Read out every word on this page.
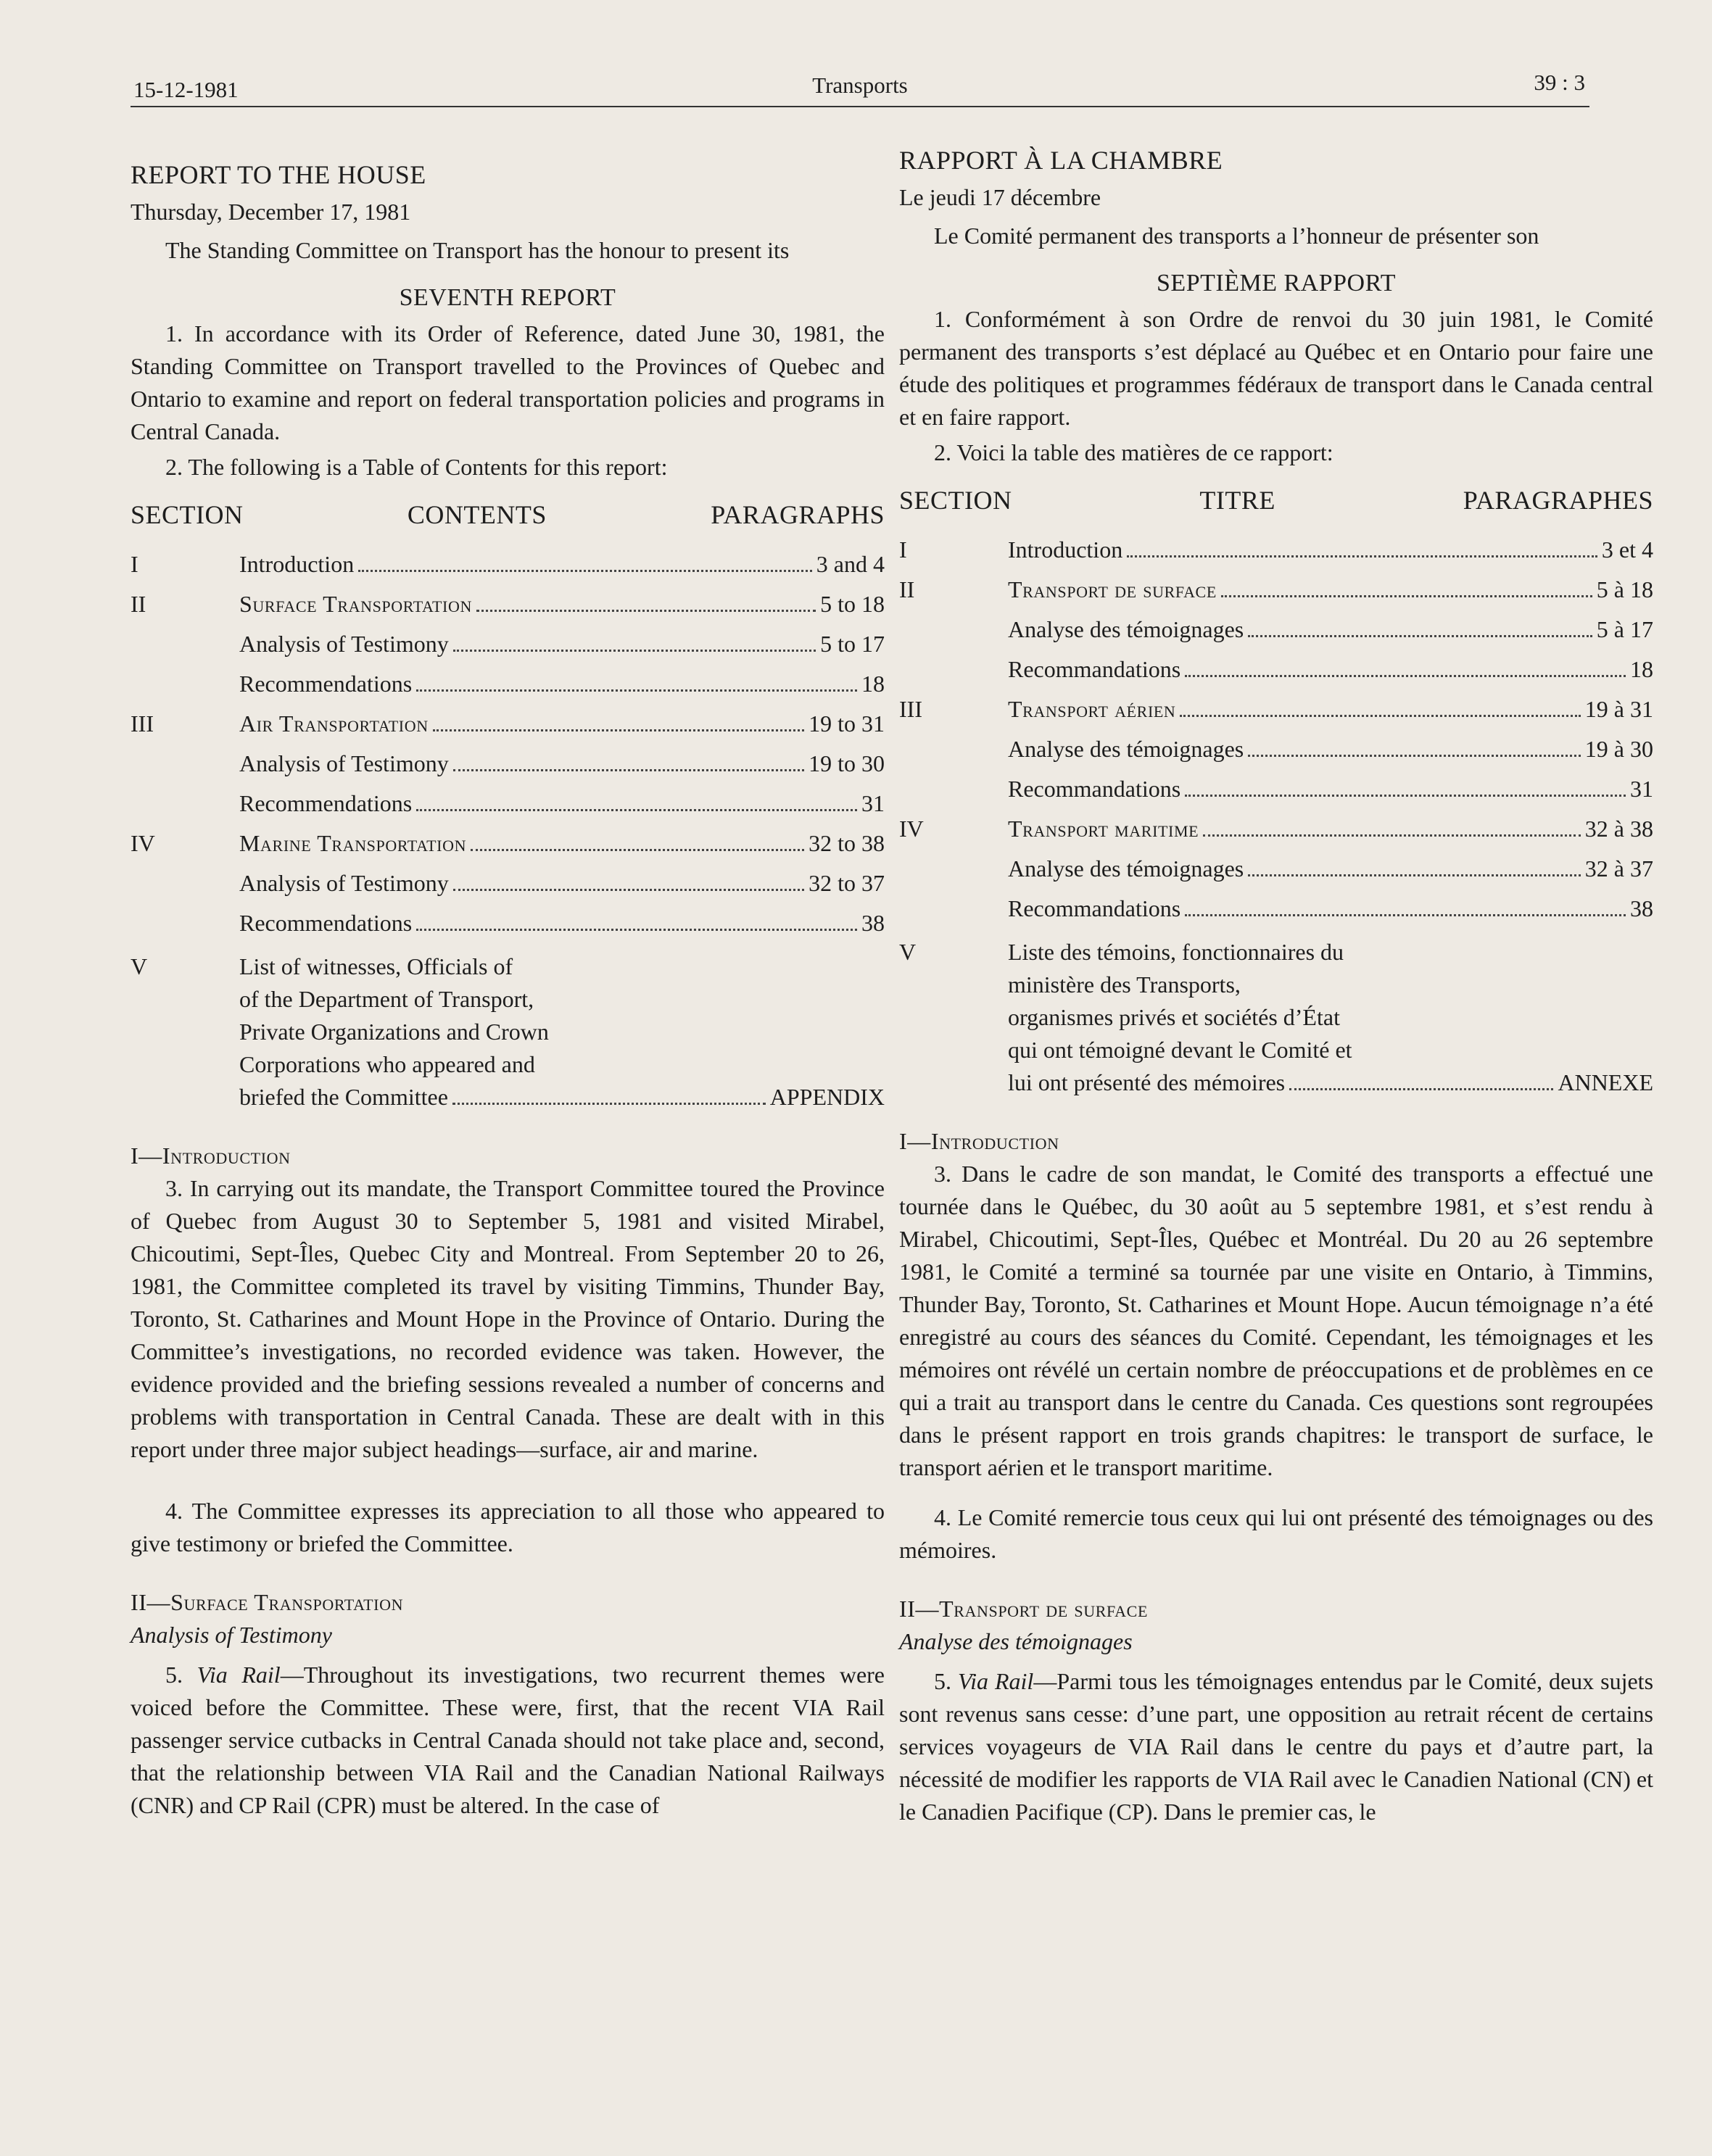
15-12-1981	Transports	39 : 3
REPORT TO THE HOUSE
Thursday, December 17, 1981

The Standing Committee on Transport has the honour to present its

SEVENTH REPORT

1. In accordance with its Order of Reference, dated June 30, 1981, the Standing Committee on Transport travelled to the Provinces of Quebec and Ontario to examine and report on federal transportation policies and programs in Central Canada.

2. The following is a Table of Contents for this report:

SECTION	CONTENTS	PARAGRAPHS
I	Introduction	3 and 4
II	Surface Transportation	5 to 18
Analysis of Testimony	5 to 17
Recommendations	18
III	Air Transportation	19 to 31
Analysis of Testimony	19 to 30
Recommendations	31
IV	Marine Transportation	32 to 38
Analysis of Testimony	32 to 37
Recommendations	38
V	List of witnesses, Officials of
of the Department of Transport,
Private Organizations and Crown
Corporations who appeared and
briefed the Committee	APPENDIX
I—Introduction

3. In carrying out its mandate, the Transport Committee toured the Province of Quebec from August 30 to September 5, 1981 and visited Mirabel, Chicoutimi, Sept-Îles, Quebec City and Montreal. From September 20 to 26, 1981, the Committee completed its travel by visiting Timmins, Thunder Bay, Toronto, St. Catharines and Mount Hope in the Province of Ontario. During the Committee’s investigations, no recorded evidence was taken. However, the evidence provided and the briefing sessions revealed a number of concerns and problems with transportation in Central Canada. These are dealt with in this report under three major subject headings—surface, air and marine.

4. The Committee expresses its appreciation to all those who appeared to give testimony or briefed the Committee.

II—Surface Transportation
Analysis of Testimony

5. Via Rail—Throughout its investigations, two recurrent themes were voiced before the Committee. These were, first, that the recent VIA Rail passenger service cutbacks in Central Canada should not take place and, second, that the relationship between VIA Rail and the Canadian National Railways (CNR) and CP Rail (CPR) must be altered. In the case of

RAPPORT À LA CHAMBRE
Le jeudi 17 décembre

Le Comité permanent des transports a l’honneur de présenter son

SEPTIÈME RAPPORT

1. Conformément à son Ordre de renvoi du 30 juin 1981, le Comité permanent des transports s’est déplacé au Québec et en Ontario pour faire une étude des politiques et programmes fédéraux de transport dans le Canada central et en faire rapport.

2. Voici la table des matières de ce rapport:

SECTION	TITRE	PARAGRAPHES
I	Introduction	3 et 4
II	Transport de surface	5 à 18
Analyse des témoignages	5 à 17
Recommandations	18
III	Transport aérien	19 à 31
Analyse des témoignages	19 à 30
Recommandations	31
IV	Transport maritime	32 à 38
Analyse des témoignages	32 à 37
Recommandations	38
V	Liste des témoins, fonctionnaires du
ministère des Transports,
organismes privés et sociétés d’État
qui ont témoigné devant le Comité et
lui ont présenté des mémoires	ANNEXE
I—Introduction

3. Dans le cadre de son mandat, le Comité des transports a effectué une tournée dans le Québec, du 30 août au 5 septembre 1981, et s’est rendu à Mirabel, Chicoutimi, Sept-Îles, Québec et Montréal. Du 20 au 26 septembre 1981, le Comité a terminé sa tournée par une visite en Ontario, à Timmins, Thunder Bay, Toronto, St. Catharines et Mount Hope. Aucun témoignage n’a été enregistré au cours des séances du Comité. Cependant, les témoignages et les mémoires ont révélé un certain nombre de préoccupations et de problèmes en ce qui a trait au transport dans le centre du Canada. Ces questions sont regroupées dans le présent rapport en trois grands chapitres: le transport de surface, le transport aérien et le transport maritime.

4. Le Comité remercie tous ceux qui lui ont présenté des témoignages ou des mémoires.

II—Transport de surface
Analyse des témoignages

5. Via Rail—Parmi tous les témoignages entendus par le Comité, deux sujets sont revenus sans cesse: d’une part, une opposition au retrait récent de certains services voyageurs de VIA Rail dans le centre du pays et d’autre part, la nécessité de modifier les rapports de VIA Rail avec le Canadien National (CN) et le Canadien Pacifique (CP). Dans le premier cas, le
